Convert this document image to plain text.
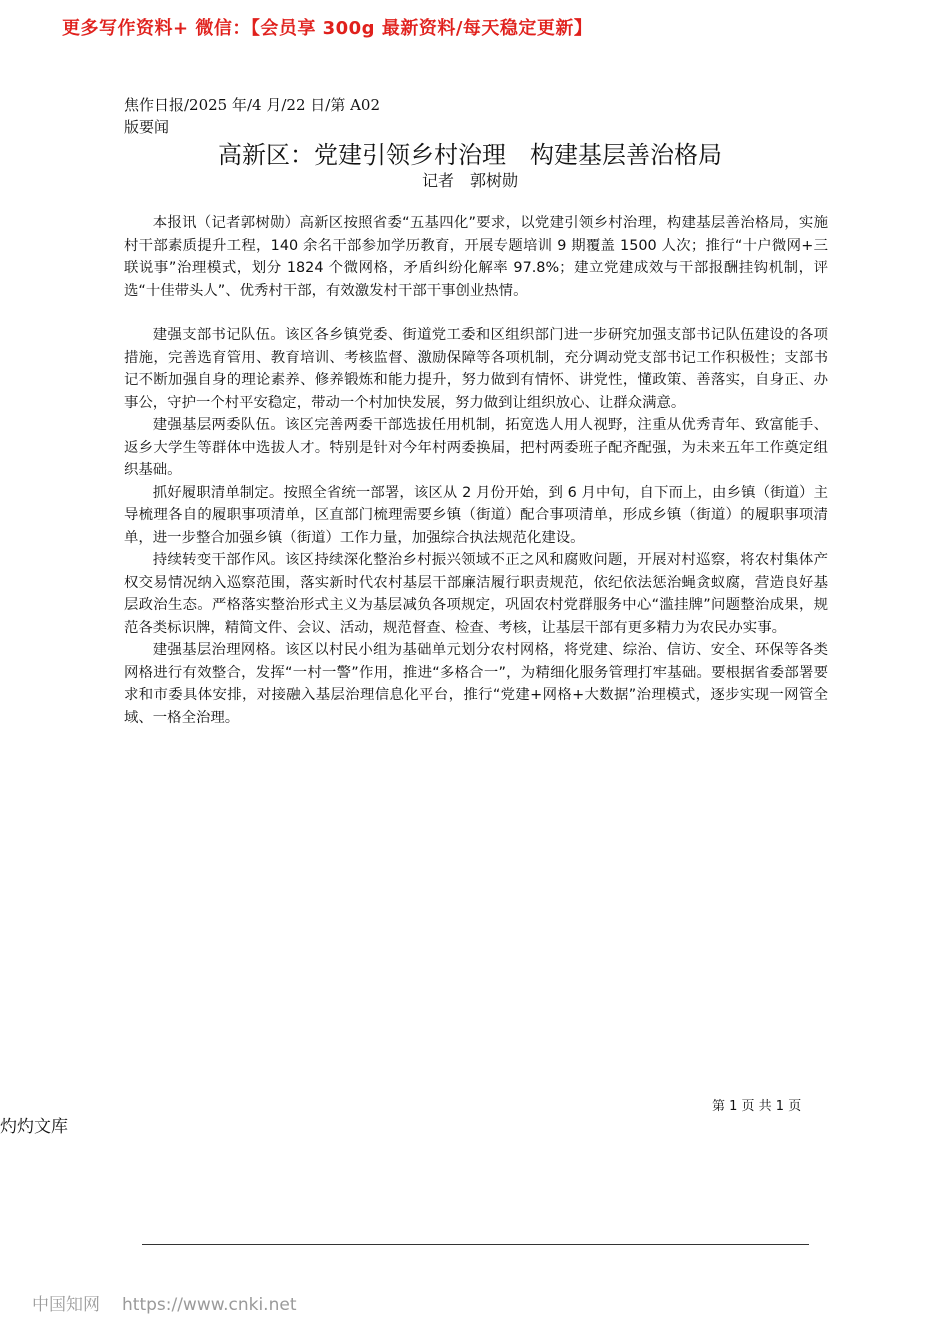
更多写作资料+ 微信：【会员享 300g 最新资料/每天稳定更新】
焦作日报/2025 年/4 月/22 日/第 A02
版要闻
高新区：党建引领乡村治理　构建基层善治格局
记者　郭树勋

本报讯（记者郭树勋）高新区按照省委“五基四化”要求，以党建引领乡村治理，构建基层善治格局，实施村干部素质提升工程，140 余名干部参加学历教育，开展专题培训 9 期覆盖 1500 人次；推行“十户微网+三联说事”治理模式，划分 1824 个微网格，矛盾纠纷化解率 97.8%；建立党建成效与干部报酬挂钩机制，评选“十佳带头人”、优秀村干部，有效激发村干部干事创业热情。

建强支部书记队伍。该区各乡镇党委、街道党工委和区组织部门进一步研究加强支部书记队伍建设的各项措施，完善选育管用、教育培训、考核监督、激励保障等各项机制，充分调动党支部书记工作积极性；支部书记不断加强自身的理论素养、修养锻炼和能力提升，努力做到有情怀、讲党性，懂政策、善落实，自身正、办事公，守护一个村平安稳定，带动一个村加快发展，努力做到让组织放心、让群众满意。

建强基层两委队伍。该区完善两委干部选拔任用机制，拓宽选人用人视野，注重从优秀青年、致富能手、返乡大学生等群体中选拔人才。特别是针对今年村两委换届，把村两委班子配齐配强，为未来五年工作奠定组织基础。

抓好履职清单制定。按照全省统一部署，该区从 2 月份开始，到 6 月中旬，自下而上，由乡镇（街道）主导梳理各自的履职事项清单，区直部门梳理需要乡镇（街道）配合事项清单，形成乡镇（街道）的履职事项清单，进一步整合加强乡镇（街道）工作力量，加强综合执法规范化建设。

持续转变干部作风。该区持续深化整治乡村振兴领域不正之风和腐败问题，开展对村巡察，将农村集体产权交易情况纳入巡察范围，落实新时代农村基层干部廉洁履行职责规范，依纪依法惩治蝇贪蚁腐，营造良好基层政治生态。严格落实整治形式主义为基层减负各项规定，巩固农村党群服务中心“滥挂牌”问题整治成果，规范各类标识牌，精简文件、会议、活动，规范督查、检查、考核，让基层干部有更多精力为农民办实事。

建强基层治理网格。该区以村民小组为基础单元划分农村网格，将党建、综治、信访、安全、环保等各类网格进行有效整合，发挥“一村一警”作用，推进“多格合一”，为精细化服务管理打牢基础。要根据省委部署要求和市委具体安排，对接融入基层治理信息化平台，推行“党建+网格+大数据”治理模式，逐步实现一网管全域、一格全治理。

第 1 页 共 1 页
灼灼文库
中国知网 https://www.cnki.net
